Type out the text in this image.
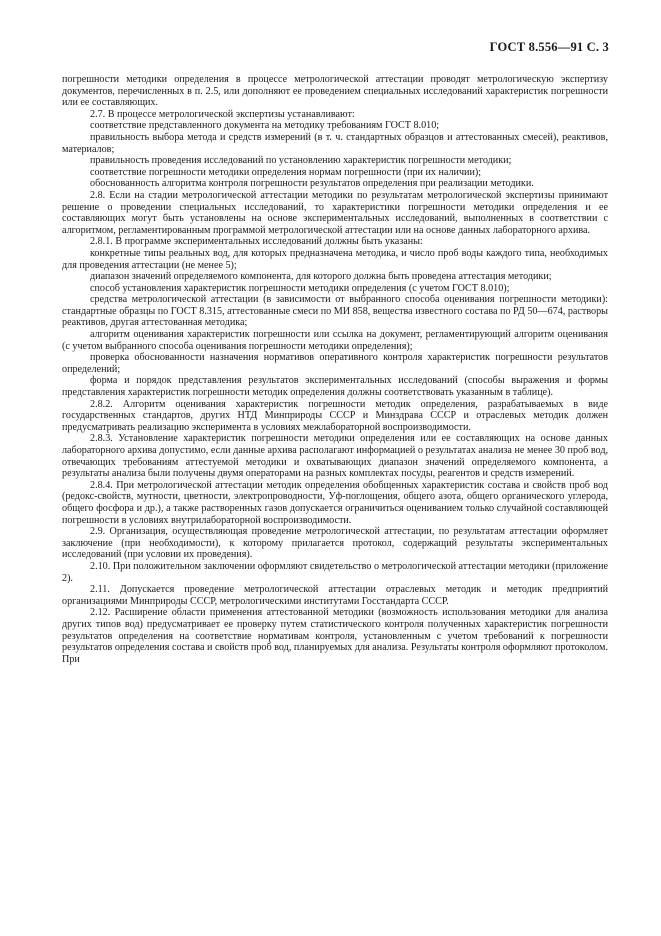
ГОСТ 8.556—91 С. 3

погрешности методики определения в процессе метрологической аттестации проводят метрологическую экспертизу документов, перечисленных в п. 2.5, или дополняют ее проведением специальных исследований характеристик погрешности или ее составляющих.

2.7. В процессе метрологической экспертизы устанавливают:

соответствие представленного документа на методику требованиям ГОСТ 8.010;

правильность выбора метода и средств измерений (в т. ч. стандартных образцов и аттестованных смесей), реактивов, материалов;

правильность проведения исследований по установлению характеристик погрешности методики;

соответствие погрешности методики определения нормам погрешности (при их наличии);

обоснованность алгоритма контроля погрешности результатов определения при реализации методики.

2.8. Если на стадии метрологической аттестации методики по результатам метрологической экспертизы принимают решение о проведении специальных исследований, то характеристики погрешности методики определения и ее составляющих могут быть установлены на основе экспериментальных исследований, выполненных в соответствии с алгоритмом, регламентированным программой метрологической аттестации или на основе данных лабораторного архива.

2.8.1. В программе экспериментальных исследований должны быть указаны:

конкретные типы реальных вод, для которых предназначена методика, и число проб воды каждого типа, необходимых для проведения аттестации (не менее 5);

диапазон значений определяемого компонента, для которого должна быть проведена аттестация методики;

способ установления характеристик погрешности методики определения (с учетом ГОСТ 8.010);

средства метрологической аттестации (в зависимости от выбранного способа оценивания погрешности методики): стандартные образцы по ГОСТ 8.315, аттестованные смеси по МИ 858, вещества известного состава по РД 50—674, растворы реактивов, другая аттестованная методика;

алгоритм оценивания характеристик погрешности или ссылка на документ, регламентирующий алгоритм оценивания (с учетом выбранного способа оценивания погрешности методики определения);

проверка обоснованности назначения нормативов оперативного контроля характеристик погрешности результатов определений;

форма и порядок представления результатов экспериментальных исследований (способы выражения и формы представления характеристик погрешности методик определения должны соответствовать указанным в таблице).

2.8.2. Алгоритм оценивания характеристик погрешности методик определения, разрабатываемых в виде государственных стандартов, других НТД Минприроды СССР и Минздрава СССР и отраслевых методик должен предусматривать реализацию эксперимента в условиях межлабораторной воспроизводимости.

2.8.3. Установление характеристик погрешности методики определения или ее составляющих на основе данных лабораторного архива допустимо, если данные архива располагают информацией о результатах анализа не менее 30 проб вод, отвечающих требованиям аттестуемой методики и охватывающих диапазон значений определяемого компонента, а результаты анализа были получены двумя операторами на разных комплектах посуды, реагентов и средств измерений.

2.8.4. При метрологической аттестации методик определения обобщенных характеристик состава и свойств проб вод (редокс-свойств, мутности, цветности, электропроводности, Уф-поглощения, общего азота, общего органического углерода, общего фосфора и др.), а также растворенных газов допускается ограничиться оцениванием только случайной составляющей погрешности в условиях внутрилабораторной воспроизводимости.

2.9. Организация, осуществляющая проведение метрологической аттестации, по результатам аттестации оформляет заключение (при необходимости), к которому прилагается протокол, содержащий результаты экспериментальных исследований (при условии их проведения).

2.10. При положительном заключении оформляют свидетельство о метрологической аттестации методики (приложение 2).

2.11. Допускается проведение метрологической аттестации отраслевых методик и методик предприятий организациями Минприроды СССР, метрологическими институтами Госстандарта СССР.

2.12. Расширение области применения аттестованной методики (возможность использования методики для анализа других типов вод) предусматривает ее проверку путем статистического контроля полученных характеристик погрешности результатов определения на соответствие нормативам контроля, установленным с учетом требований к погрешности результатов определения состава и свойств проб вод, планируемых для анализа. Результаты контроля оформляют протоколом. При
